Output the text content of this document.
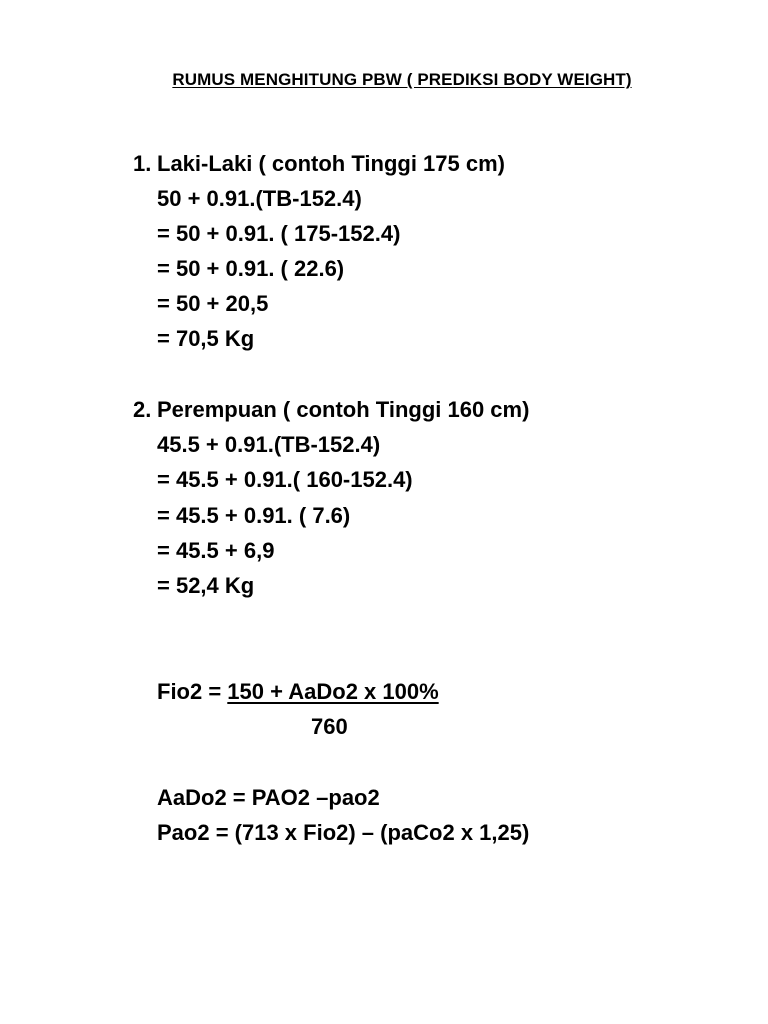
RUMUS MENGHITUNG PBW ( PREDIKSI BODY WEIGHT)
1. Laki-Laki ( contoh Tinggi 175 cm)
50 + 0.91.(TB-152.4)
= 50 + 0.91. ( 175-152.4)
= 50 + 0.91. ( 22.6)
= 50 + 20,5
= 70,5 Kg
2. Perempuan ( contoh Tinggi 160 cm)
45.5 + 0.91.(TB-152.4)
= 45.5 + 0.91.( 160-152.4)
= 45.5 + 0.91. ( 7.6)
= 45.5 + 6,9
= 52,4 Kg
Fio2 = 150 + AaDo2 x 100%
760
AaDo2 = PAO2 –pao2
Pao2 = (713 x Fio2) – (paCo2 x 1,25)
